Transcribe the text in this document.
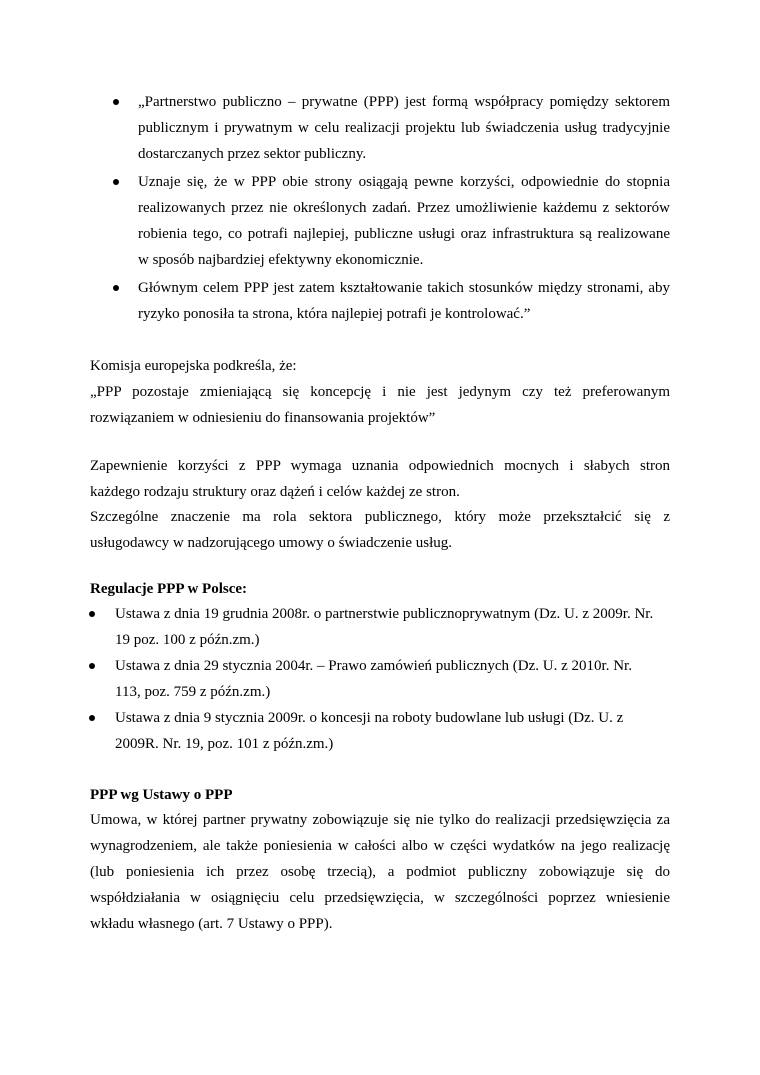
„Partnerstwo publiczno – prywatne (PPP) jest formą współpracy pomiędzy sektorem
publicznym i prywatnym w celu realizacji projektu lub świadczenia usług tradycyjnie
dostarczanych przez sektor publiczny.
Uznaje się, że w PPP obie strony osiągają pewne korzyści, odpowiednie do stopnia
realizowanych przez nie określonych zadań. Przez umożliwienie każdemu z sektorów
robienia tego, co potrafi najlepiej, publiczne usługi oraz infrastruktura są realizowane
w sposób najbardziej efektywny ekonomicznie.
Głównym celem PPP jest zatem kształtowanie takich stosunków między stronami, aby
ryzyko ponosiła ta strona, która najlepiej potrafi je kontrolować.”
Komisja europejska podkreśla, że:
„PPP pozostaje zmieniającą się koncepcję i nie jest jedynym czy też preferowanym
rozwiązaniem w odniesieniu do finansowania projektów”
Zapewnienie korzyści z PPP wymaga uznania odpowiednich mocnych i słabych stron
każdego rodzaju struktury oraz dążeń i celów każdej ze stron.
Szczególne znaczenie ma rola sektora publicznego, który może przekształcić się z
usługodawcy w nadzorującego umowy o świadczenie usług.
Regulacje PPP w Polsce:
Ustawa z dnia 19 grudnia 2008r. o partnerstwie publicznoprywatnym (Dz. U. z 2009r. Nr.
19 poz. 100 z późn.zm.)
Ustawa z dnia 29 stycznia 2004r. – Prawo zamówień publicznych (Dz. U. z 2010r. Nr.
113, poz. 759 z późn.zm.)
Ustawa z dnia 9 stycznia 2009r. o koncesji na roboty budowlane lub usługi (Dz. U. z
2009R. Nr. 19, poz. 101 z późn.zm.)
PPP wg Ustawy o PPP
Umowa, w której partner prywatny zobowiązuje się nie tylko do realizacji przedsięwzięcia za
wynagrodzeniem, ale także poniesienia w całości albo w części wydatków na jego realizację
(lub poniesienia ich przez osobę trzecią), a podmiot publiczny zobowiązuje się do
współdziałania w osiągnięciu celu przedsięwzięcia, w szczególności poprzez wniesienie
wkładu własnego (art. 7 Ustawy o PPP).
